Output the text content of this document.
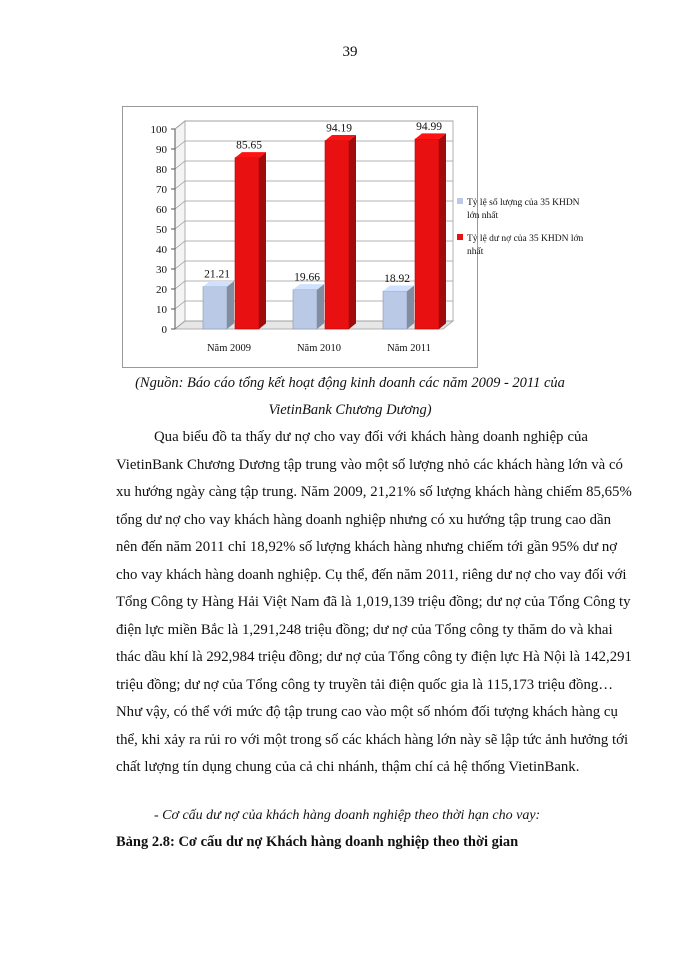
39
0
10
20
30
40
50
60
70
80
90
100
21.21
85.65
Năm 2009
19.66
94.19
Năm 2010
18.92
94.99
Năm 2011
Tỷ lệ số lượng của 35 KHDN
lớn nhất
Tỷ lệ dư nợ của 35 KHDN lớn
nhất
(Nguồn: Báo cáo tổng kết hoạt động kinh doanh các năm 2009 - 2011 của
VietinBank Chương Dương)

Qua biểu đồ ta thấy dư nợ cho vay đối với khách hàng doanh nghiệp của
VietinBank Chương Dương tập trung vào một số lượng nhỏ các khách hàng lớn và có
xu hướng ngày càng tập trung. Năm 2009, 21,21% số lượng khách hàng chiếm 85,65%
tổng dư nợ cho vay khách hàng doanh nghiệp nhưng có xu hướng tập trung cao dần
nên đến năm 2011 chỉ 18,92% số lượng khách hàng nhưng chiếm tới gần 95% dư nợ
cho vay khách hàng doanh nghiệp. Cụ thể, đến năm 2011, riêng dư nợ cho vay đối với
Tổng Công ty Hàng Hải Việt Nam đã là 1,019,139 triệu đồng; dư nợ của Tổng Công ty
điện lực miền Bắc là 1,291,248 triệu đồng; dư nợ của Tổng công ty thăm do và khai
thác dầu khí là 292,984 triệu đồng; dư nợ của Tổng công ty điện lực Hà Nội là 142,291
triệu đồng; dư nợ của Tổng công ty truyền tải điện quốc gia là 115,173 triệu đồng…
Như vậy, có thể với mức độ tập trung cao vào một số nhóm đối tượng khách hàng cụ
thể, khi xảy ra rủi ro với một trong số các khách hàng lớn này sẽ lập tức ảnh hưởng tới
chất lượng tín dụng chung của cả chi nhánh, thậm chí cả hệ thống VietinBank.

- Cơ cấu dư nợ của khách hàng doanh nghiệp theo thời hạn cho vay:
Bảng 2.8: Cơ cấu dư nợ Khách hàng doanh nghiệp theo thời gian
